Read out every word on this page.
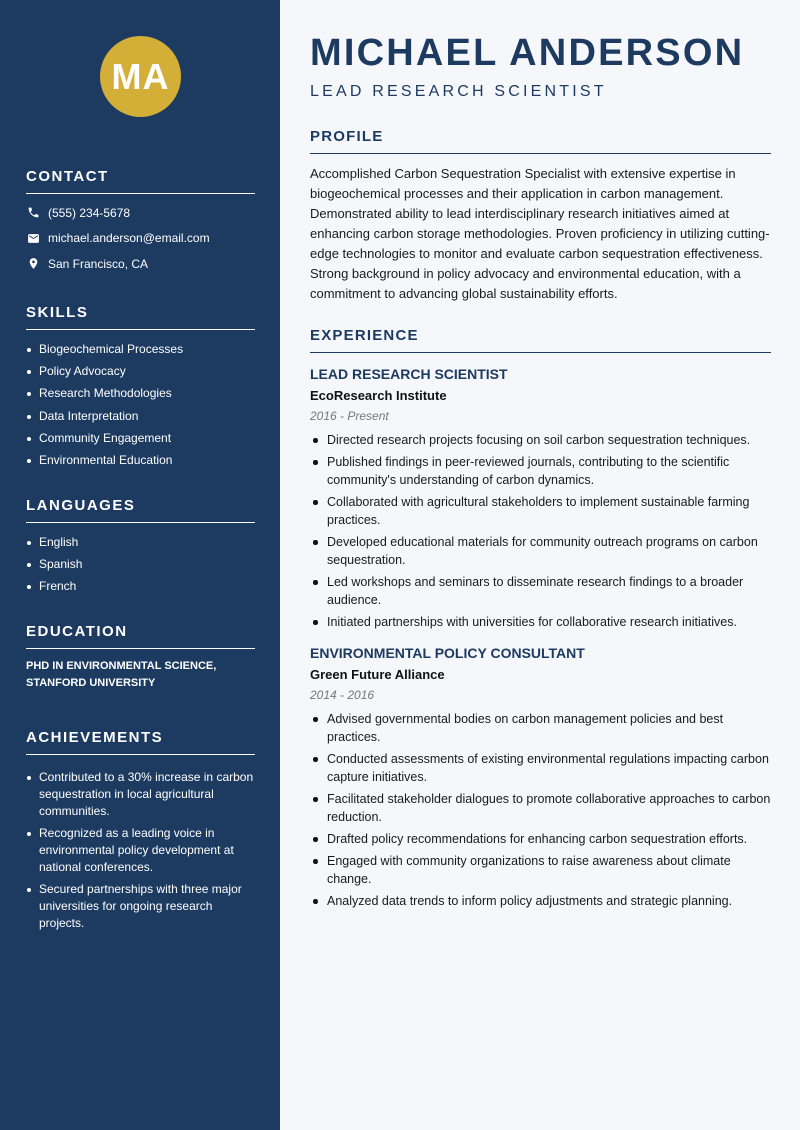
MA
CONTACT
(555) 234-5678
michael.anderson@email.com
San Francisco, CA
SKILLS
Biogeochemical Processes
Policy Advocacy
Research Methodologies
Data Interpretation
Community Engagement
Environmental Education
LANGUAGES
English
Spanish
French
EDUCATION
PHD IN ENVIRONMENTAL SCIENCE, STANFORD UNIVERSITY
ACHIEVEMENTS
Contributed to a 30% increase in carbon sequestration in local agricultural communities.
Recognized as a leading voice in environmental policy development at national conferences.
Secured partnerships with three major universities for ongoing research projects.
MICHAEL ANDERSON
LEAD RESEARCH SCIENTIST
PROFILE
Accomplished Carbon Sequestration Specialist with extensive expertise in biogeochemical processes and their application in carbon management. Demonstrated ability to lead interdisciplinary research initiatives aimed at enhancing carbon storage methodologies. Proven proficiency in utilizing cutting-edge technologies to monitor and evaluate carbon sequestration effectiveness. Strong background in policy advocacy and environmental education, with a commitment to advancing global sustainability efforts.
EXPERIENCE
LEAD RESEARCH SCIENTIST
EcoResearch Institute
2016 - Present
Directed research projects focusing on soil carbon sequestration techniques.
Published findings in peer-reviewed journals, contributing to the scientific community's understanding of carbon dynamics.
Collaborated with agricultural stakeholders to implement sustainable farming practices.
Developed educational materials for community outreach programs on carbon sequestration.
Led workshops and seminars to disseminate research findings to a broader audience.
Initiated partnerships with universities for collaborative research initiatives.
ENVIRONMENTAL POLICY CONSULTANT
Green Future Alliance
2014 - 2016
Advised governmental bodies on carbon management policies and best practices.
Conducted assessments of existing environmental regulations impacting carbon capture initiatives.
Facilitated stakeholder dialogues to promote collaborative approaches to carbon reduction.
Drafted policy recommendations for enhancing carbon sequestration efforts.
Engaged with community organizations to raise awareness about climate change.
Analyzed data trends to inform policy adjustments and strategic planning.
